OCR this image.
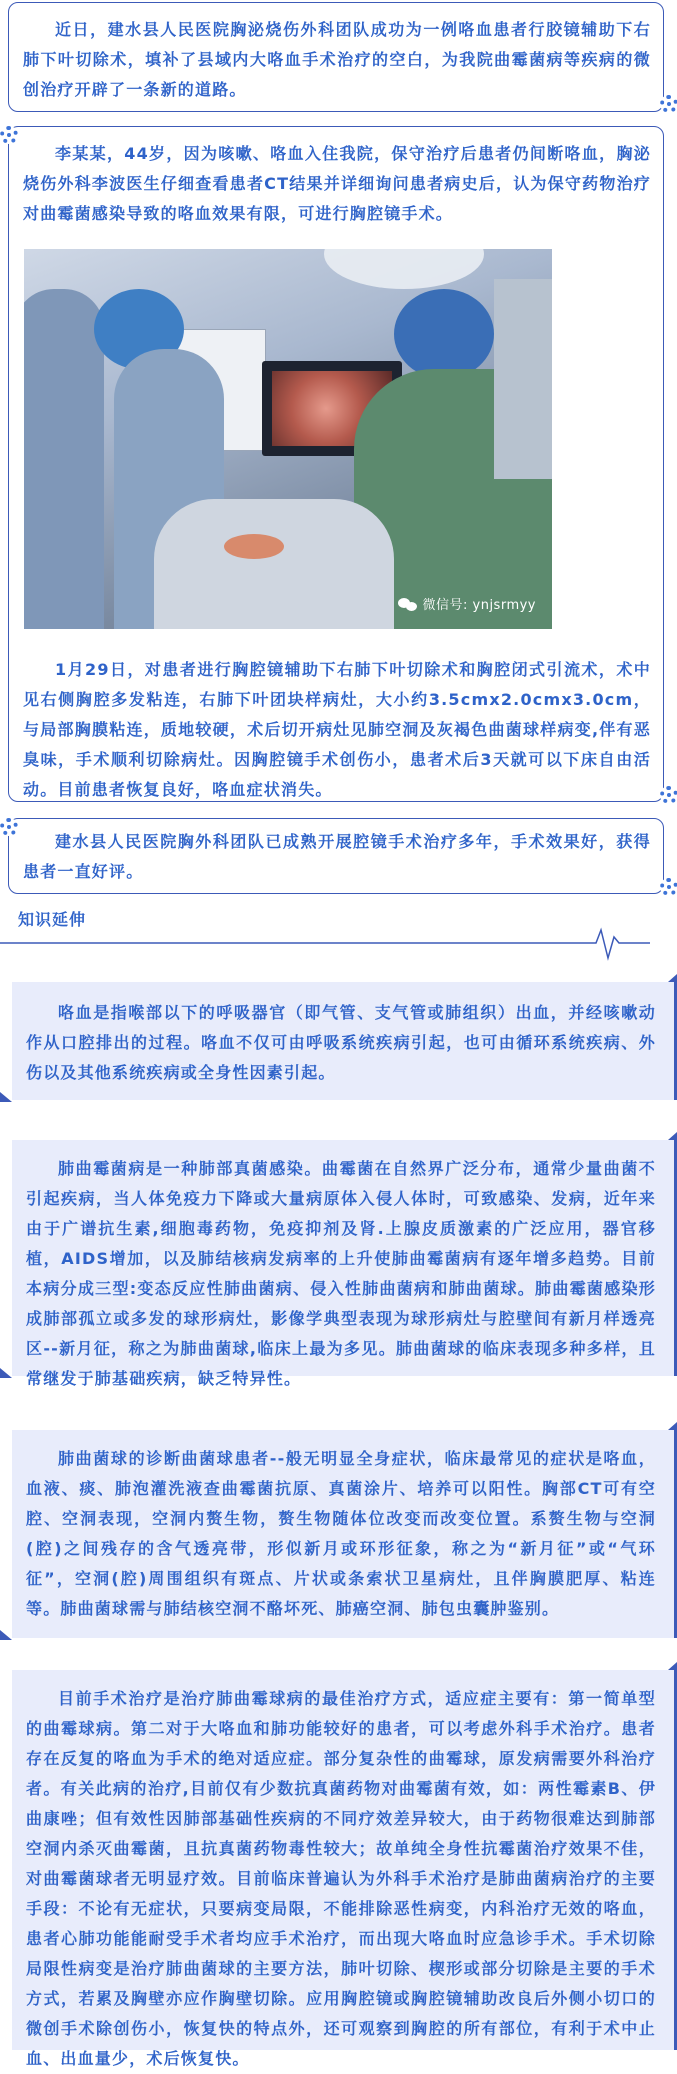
近日，建水县人民医院胸泌烧伤外科团队成功为一例咯血患者行胶镜辅助下右肺下叶切除术，填补了县域内大咯血手术治疗的空白，为我院曲霉菌病等疾病的微创治疗开辟了一条新的道路。

李某某，44岁，因为咳嗽、咯血入住我院，保守治疗后患者仍间断咯血，胸泌烧伤外科李波医生仔细查看患者CT结果并详细询问患者病史后，认为保守药物治疗对曲霉菌感染导致的咯血效果有限，可进行胸腔镜手术。

微信号: ynjsrmyy

1月29日，对患者进行胸腔镜辅助下右肺下叶切除术和胸腔闭式引流术，术中见右侧胸腔多发粘连，右肺下叶团块样病灶，大小约3.5cmx2.0cmx3.0cm，与局部胸膜粘连，质地较硬，术后切开病灶见肺空洞及灰褐色曲菌球样病变,伴有恶臭味，手术顺利切除病灶。因胸腔镜手术创伤小，患者术后3天就可以下床自由活动。目前患者恢复良好，咯血症状消失。

建水县人民医院胸外科团队已成熟开展腔镜手术治疗多年，手术效果好，获得患者一直好评。

知识延伸

咯血是指喉部以下的呼吸器官（即气管、支气管或肺组织）出血，并经咳嗽动作从口腔排出的过程。咯血不仅可由呼吸系统疾病引起，也可由循环系统疾病、外伤以及其他系统疾病或全身性因素引起。

肺曲霉菌病是一种肺部真菌感染。曲霉菌在自然界广泛分布，通常少量曲菌不引起疾病，当人体免疫力下降或大量病原体入侵人体时，可致感染、发病，近年来由于广谱抗生素,细胞毒药物，免疫抑剂及肾.上腺皮质激素的广泛应用，器官移植，AIDS增加，以及肺结核病发病率的上升使肺曲霉菌病有逐年增多趋势。目前本病分成三型:变态反应性肺曲菌病、侵入性肺曲菌病和肺曲菌球。肺曲霉菌感染形成肺部孤立或多发的球形病灶，影像学典型表现为球形病灶与腔壁间有新月样透亮区--新月征，称之为肺曲菌球,临床上最为多见。肺曲菌球的临床表现多种多样，且常继发于肺基础疾病，缺乏特异性。

肺曲菌球的诊断曲菌球患者--般无明显全身症状，临床最常见的症状是咯血，血液、痰、肺泡灌洗液查曲霉菌抗原、真菌涂片、培养可以阳性。胸部CT可有空腔、空洞表现，空洞内赘生物，赘生物随体位改变而改变位置。系赘生物与空洞(腔)之间残存的含气透亮带，形似新月或环形征象，称之为“新月征”或“气环征”，空洞(腔)周围组织有斑点、片状或条索状卫星病灶，且伴胸膜肥厚、粘连等。肺曲菌球需与肺结核空洞不酪坏死、肺癌空洞、肺包虫囊肿鉴别。

目前手术治疗是治疗肺曲霉球病的最佳治疗方式，适应症主要有：第一简单型的曲霉球病。第二对于大咯血和肺功能较好的患者，可以考虑外科手术治疗。患者存在反复的咯血为手术的绝对适应症。部分复杂性的曲霉球，原发病需要外科治疗者。有关此病的治疗,目前仅有少数抗真菌药物对曲霉菌有效，如：两性霉素B、伊曲康唑；但有效性因肺部基础性疾病的不同疗效差异较大，由于药物很难达到肺部空洞内杀灭曲霉菌，且抗真菌药物毒性较大；故单纯全身性抗霉菌治疗效果不佳，对曲霉菌球者无明显疗效。目前临床普遍认为外科手术治疗是肺曲菌病治疗的主要手段：不论有无症状，只要病变局限，不能排除恶性病变，内科治疗无效的咯血，患者心肺功能能耐受手术者均应手术治疗，而出现大咯血时应急诊手术。手术切除局限性病变是治疗肺曲菌球的主要方法，肺叶切除、楔形或部分切除是主要的手术方式，若累及胸壁亦应作胸壁切除。应用胸腔镜或胸腔镜辅助改良后外侧小切口的微创手术除创伤小，恢复快的特点外，还可观察到胸腔的所有部位，有利于术中止血、出血量少，术后恢复快。
